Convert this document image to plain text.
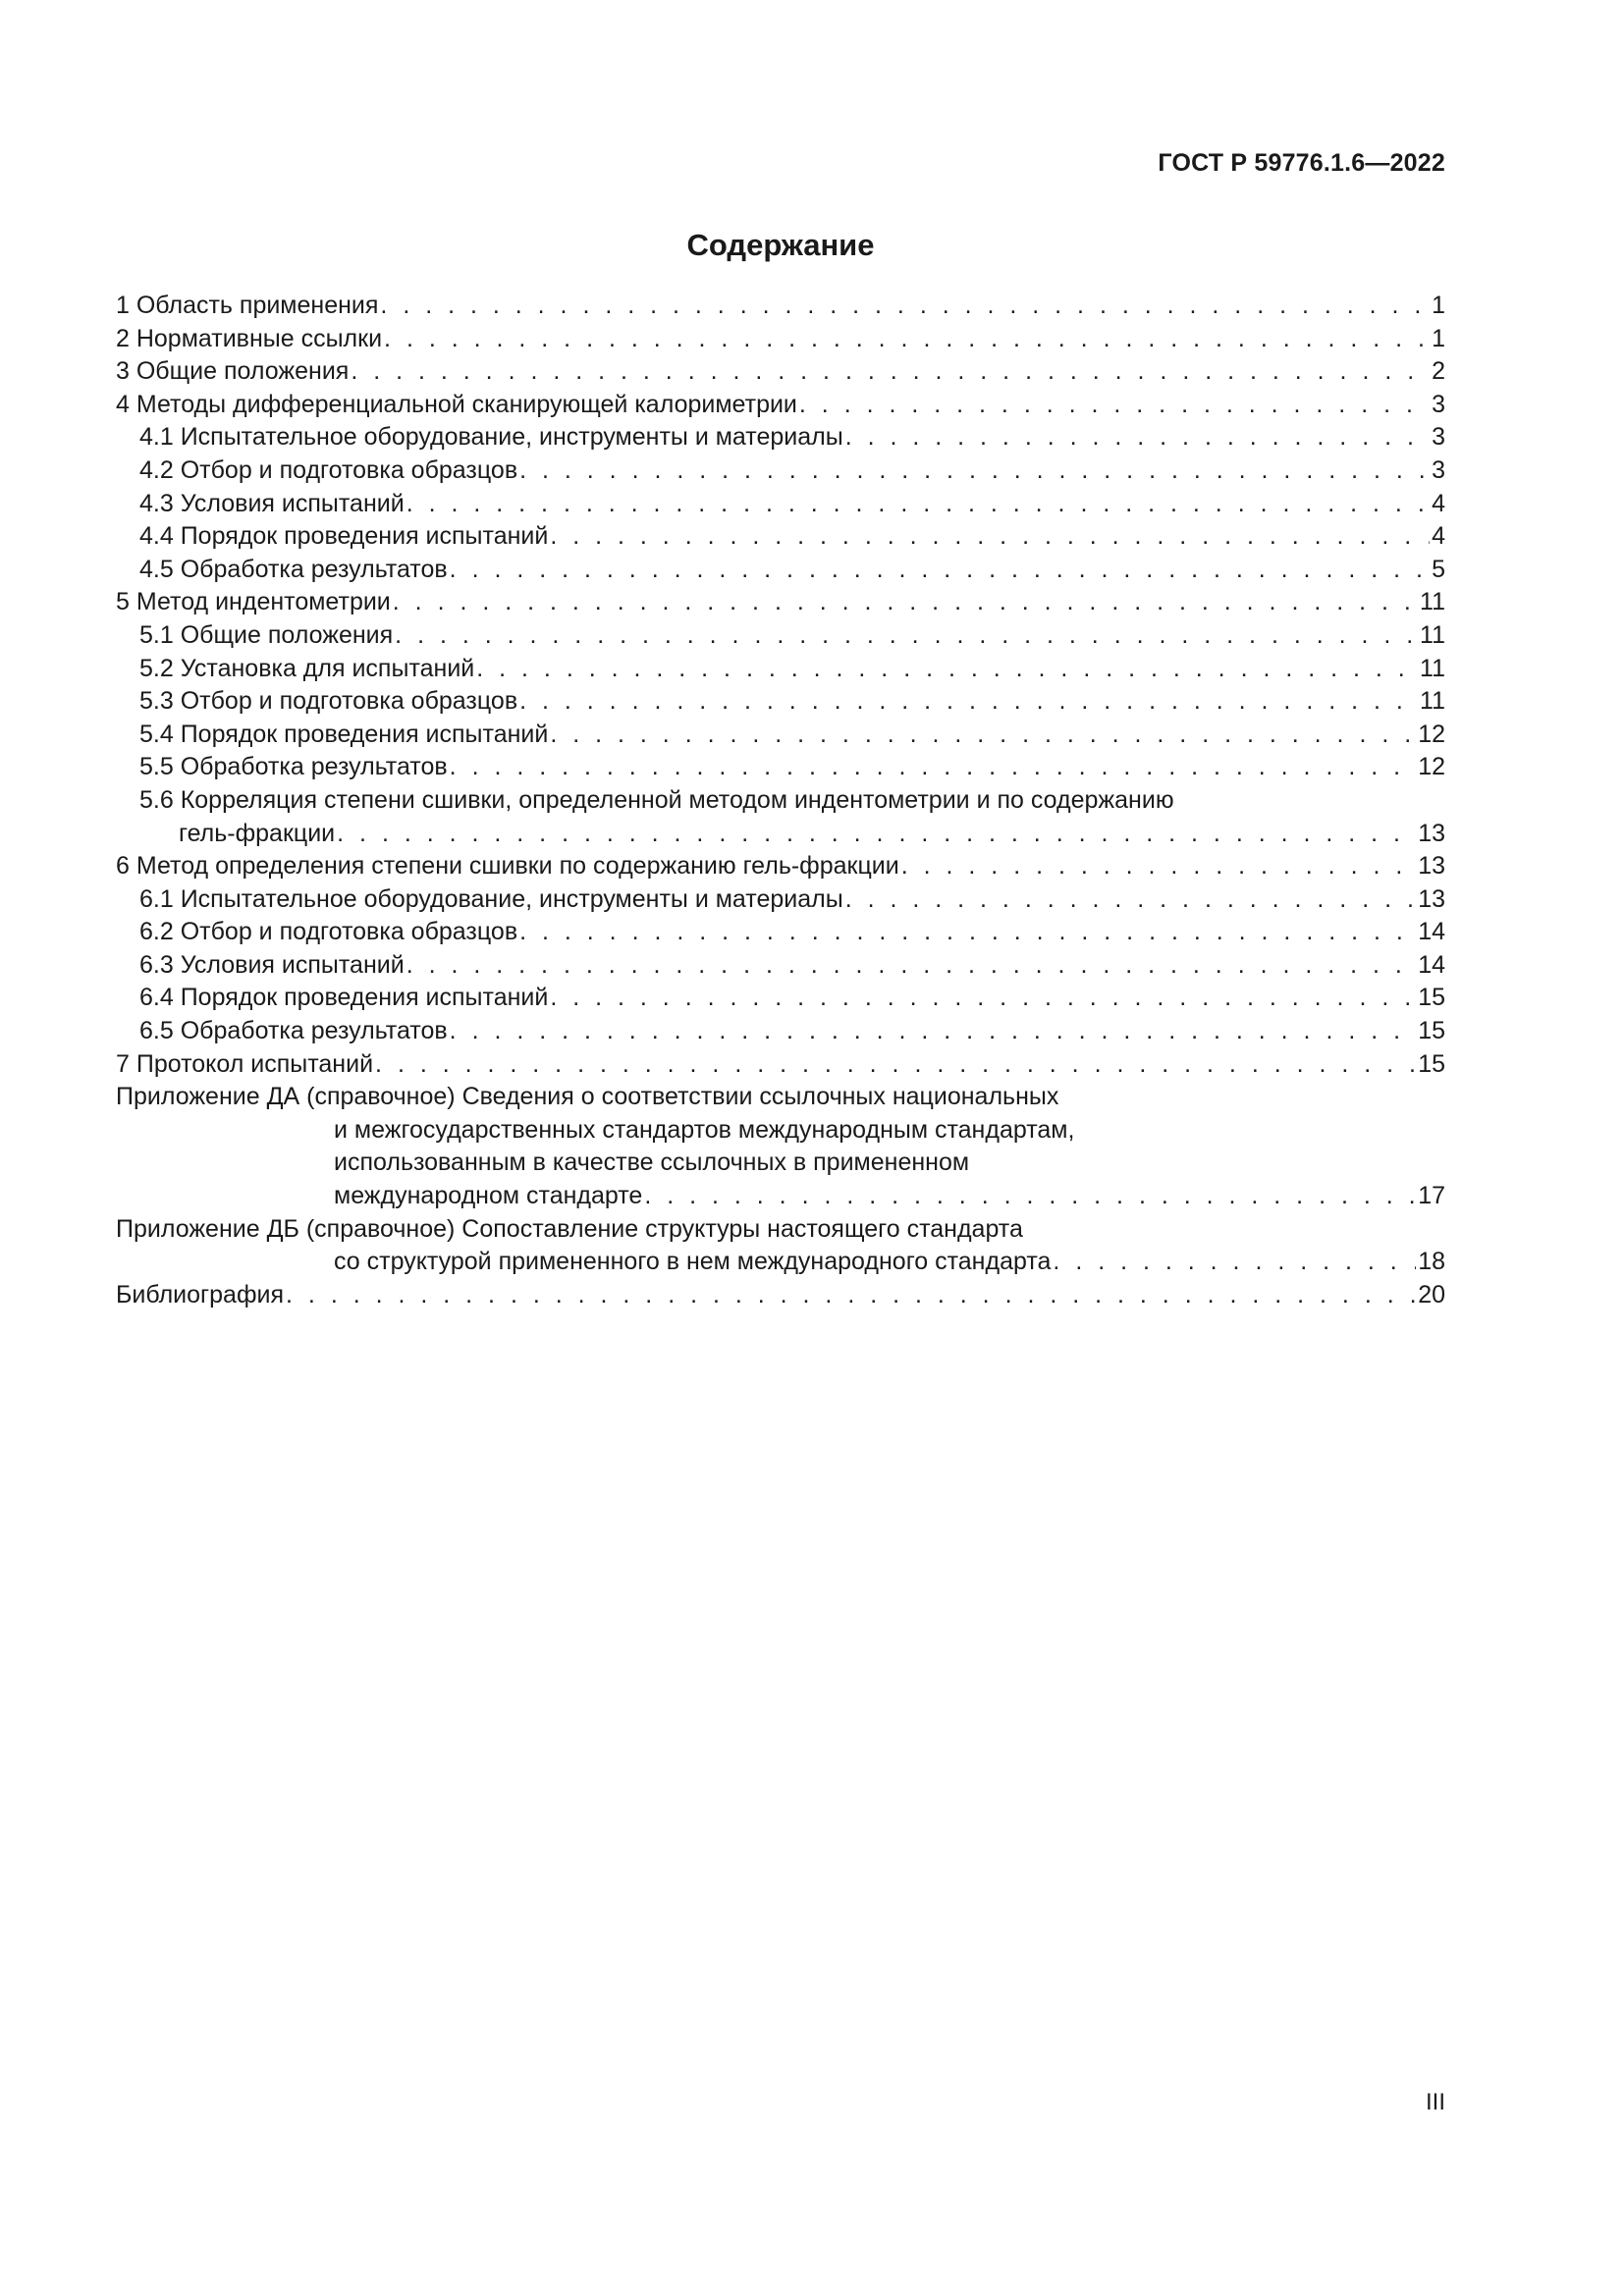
ГОСТ Р 59776.1.6—2022
Содержание
1 Область применения . . .	1
2 Нормативные ссылки . . .	1
3 Общие положения . . .	2
4 Методы дифференциальной сканирующей калориметрии . . .	3
4.1 Испытательное оборудование, инструменты и материалы . . .	3
4.2 Отбор и подготовка образцов . . .	3
4.3 Условия испытаний . . .	4
4.4 Порядок проведения испытаний . . .	4
4.5 Обработка результатов . . .	5
5 Метод индентометрии . . .	11
5.1 Общие положения . . .	11
5.2 Установка для испытаний . . .	11
5.3 Отбор и подготовка образцов . . .	11
5.4 Порядок проведения испытаний . . .	12
5.5 Обработка результатов . . .	12
5.6 Корреляция степени сшивки, определенной методом индентометрии и по содержанию
гель-фракции . . .	13
6 Метод определения степени сшивки по содержанию гель-фракции . . .	13
6.1 Испытательное оборудование, инструменты и материалы . . .	13
6.2 Отбор и подготовка образцов . . .	14
6.3 Условия испытаний . . .	14
6.4 Порядок проведения испытаний . . .	15
6.5 Обработка результатов . . .	15
7 Протокол испытаний . . .	15
Приложение ДА (справочное) Сведения о соответствии ссылочных национальных
и межгосударственных стандартов международным стандартам,
использованным в качестве ссылочных в примененном
международном стандарте . . .	17
Приложение ДБ (справочное) Сопоставление структуры настоящего стандарта
со структурой примененного в нем международного стандарта . . .	18
Библиография . . .	20
III
